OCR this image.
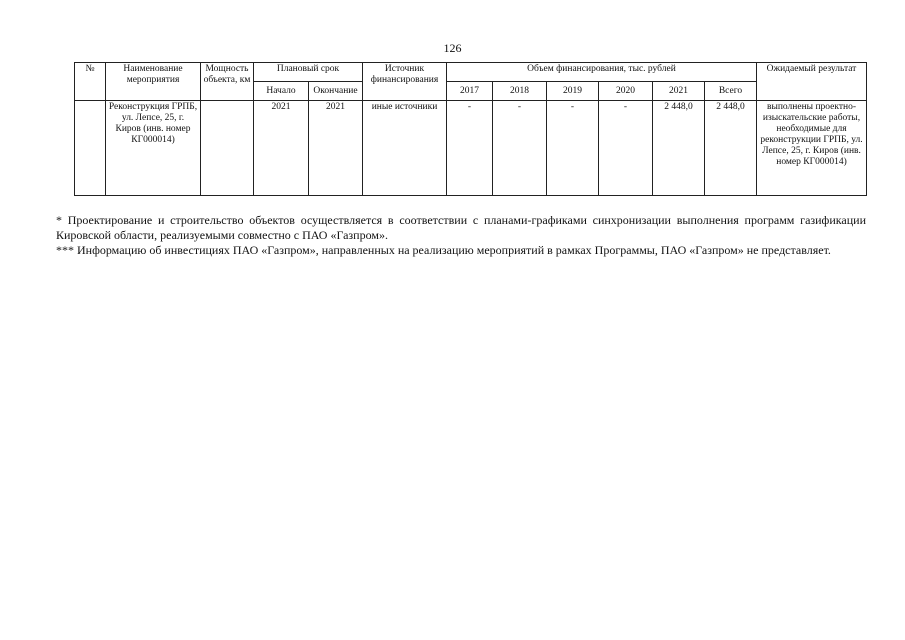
126
№	Наименование мероприятия	Мощность объекта, км	Плановый срок		Источник финансирования	Объем финансирования, тыс. рублей						Ожидаемый результат
			Начало	Окончание		2017	2018	2019	2020	2021	Всего	
	Реконструкция ГРПБ, ул. Лепсе, 25, г. Киров (инв. номер КГ000014)		2021	2021	иные источники	-	-	-	-	2 448,0	2 448,0	выполнены проектно-изыскательские работы, необходимые для реконструкции ГРПБ, ул. Лепсе, 25, г. Киров (инв. номер КГ000014)

* Проектирование и строительство объектов осуществляется в соответствии с планами-графиками синхронизации выполнения программ газификации Кировской области, реализуемыми совместно с ПАО «Газпром».

*** Информацию об инвестициях ПАО «Газпром», направленных на реализацию мероприятий в рамках Программы, ПАО «Газпром» не представляет.
